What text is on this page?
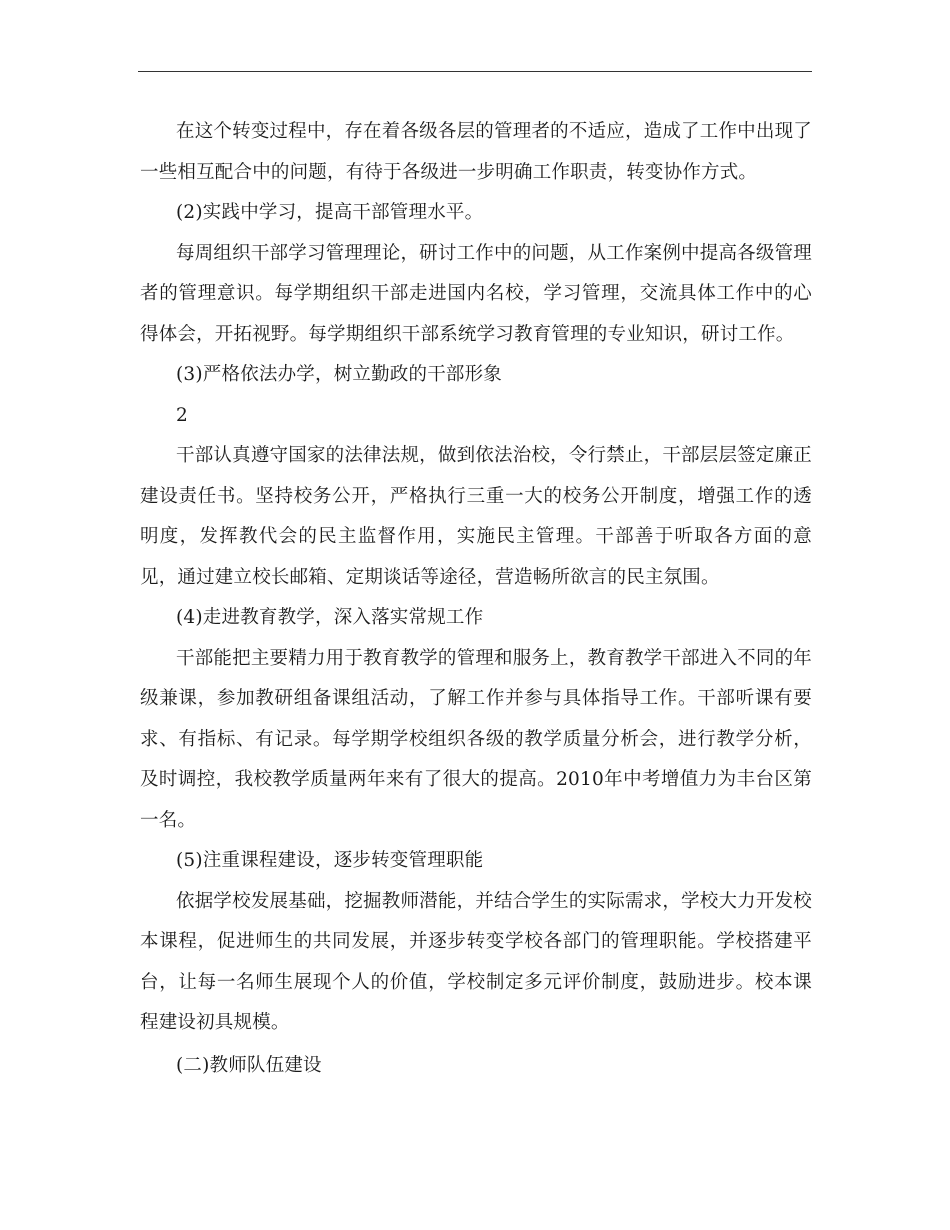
在这个转变过程中，存在着各级各层的管理者的不适应，造成了工作中出现了一些相互配合中的问题，有待于各级进一步明确工作职责，转变协作方式。

(2)实践中学习，提高干部管理水平。

每周组织干部学习管理理论，研讨工作中的问题，从工作案例中提高各级管理者的管理意识。每学期组织干部走进国内名校，学习管理，交流具体工作中的心得体会，开拓视野。每学期组织干部系统学习教育管理的专业知识，研讨工作。

(3)严格依法办学，树立勤政的干部形象

2

干部认真遵守国家的法律法规，做到依法治校，令行禁止，干部层层签定廉正建设责任书。坚持校务公开，严格执行三重一大的校务公开制度，增强工作的透明度，发挥教代会的民主监督作用，实施民主管理。干部善于听取各方面的意见，通过建立校长邮箱、定期谈话等途径，营造畅所欲言的民主氛围。

(4)走进教育教学，深入落实常规工作

干部能把主要精力用于教育教学的管理和服务上，教育教学干部进入不同的年级兼课，参加教研组备课组活动，了解工作并参与具体指导工作。干部听课有要求、有指标、有记录。每学期学校组织各级的教学质量分析会，进行教学分析，及时调控，我校教学质量两年来有了很大的提高。2010年中考增值力为丰台区第一名。

(5)注重课程建设，逐步转变管理职能

依据学校发展基础，挖掘教师潜能，并结合学生的实际需求，学校大力开发校本课程，促进师生的共同发展，并逐步转变学校各部门的管理职能。学校搭建平台，让每一名师生展现个人的价值，学校制定多元评价制度，鼓励进步。校本课程建设初具规模。

(二)教师队伍建设
